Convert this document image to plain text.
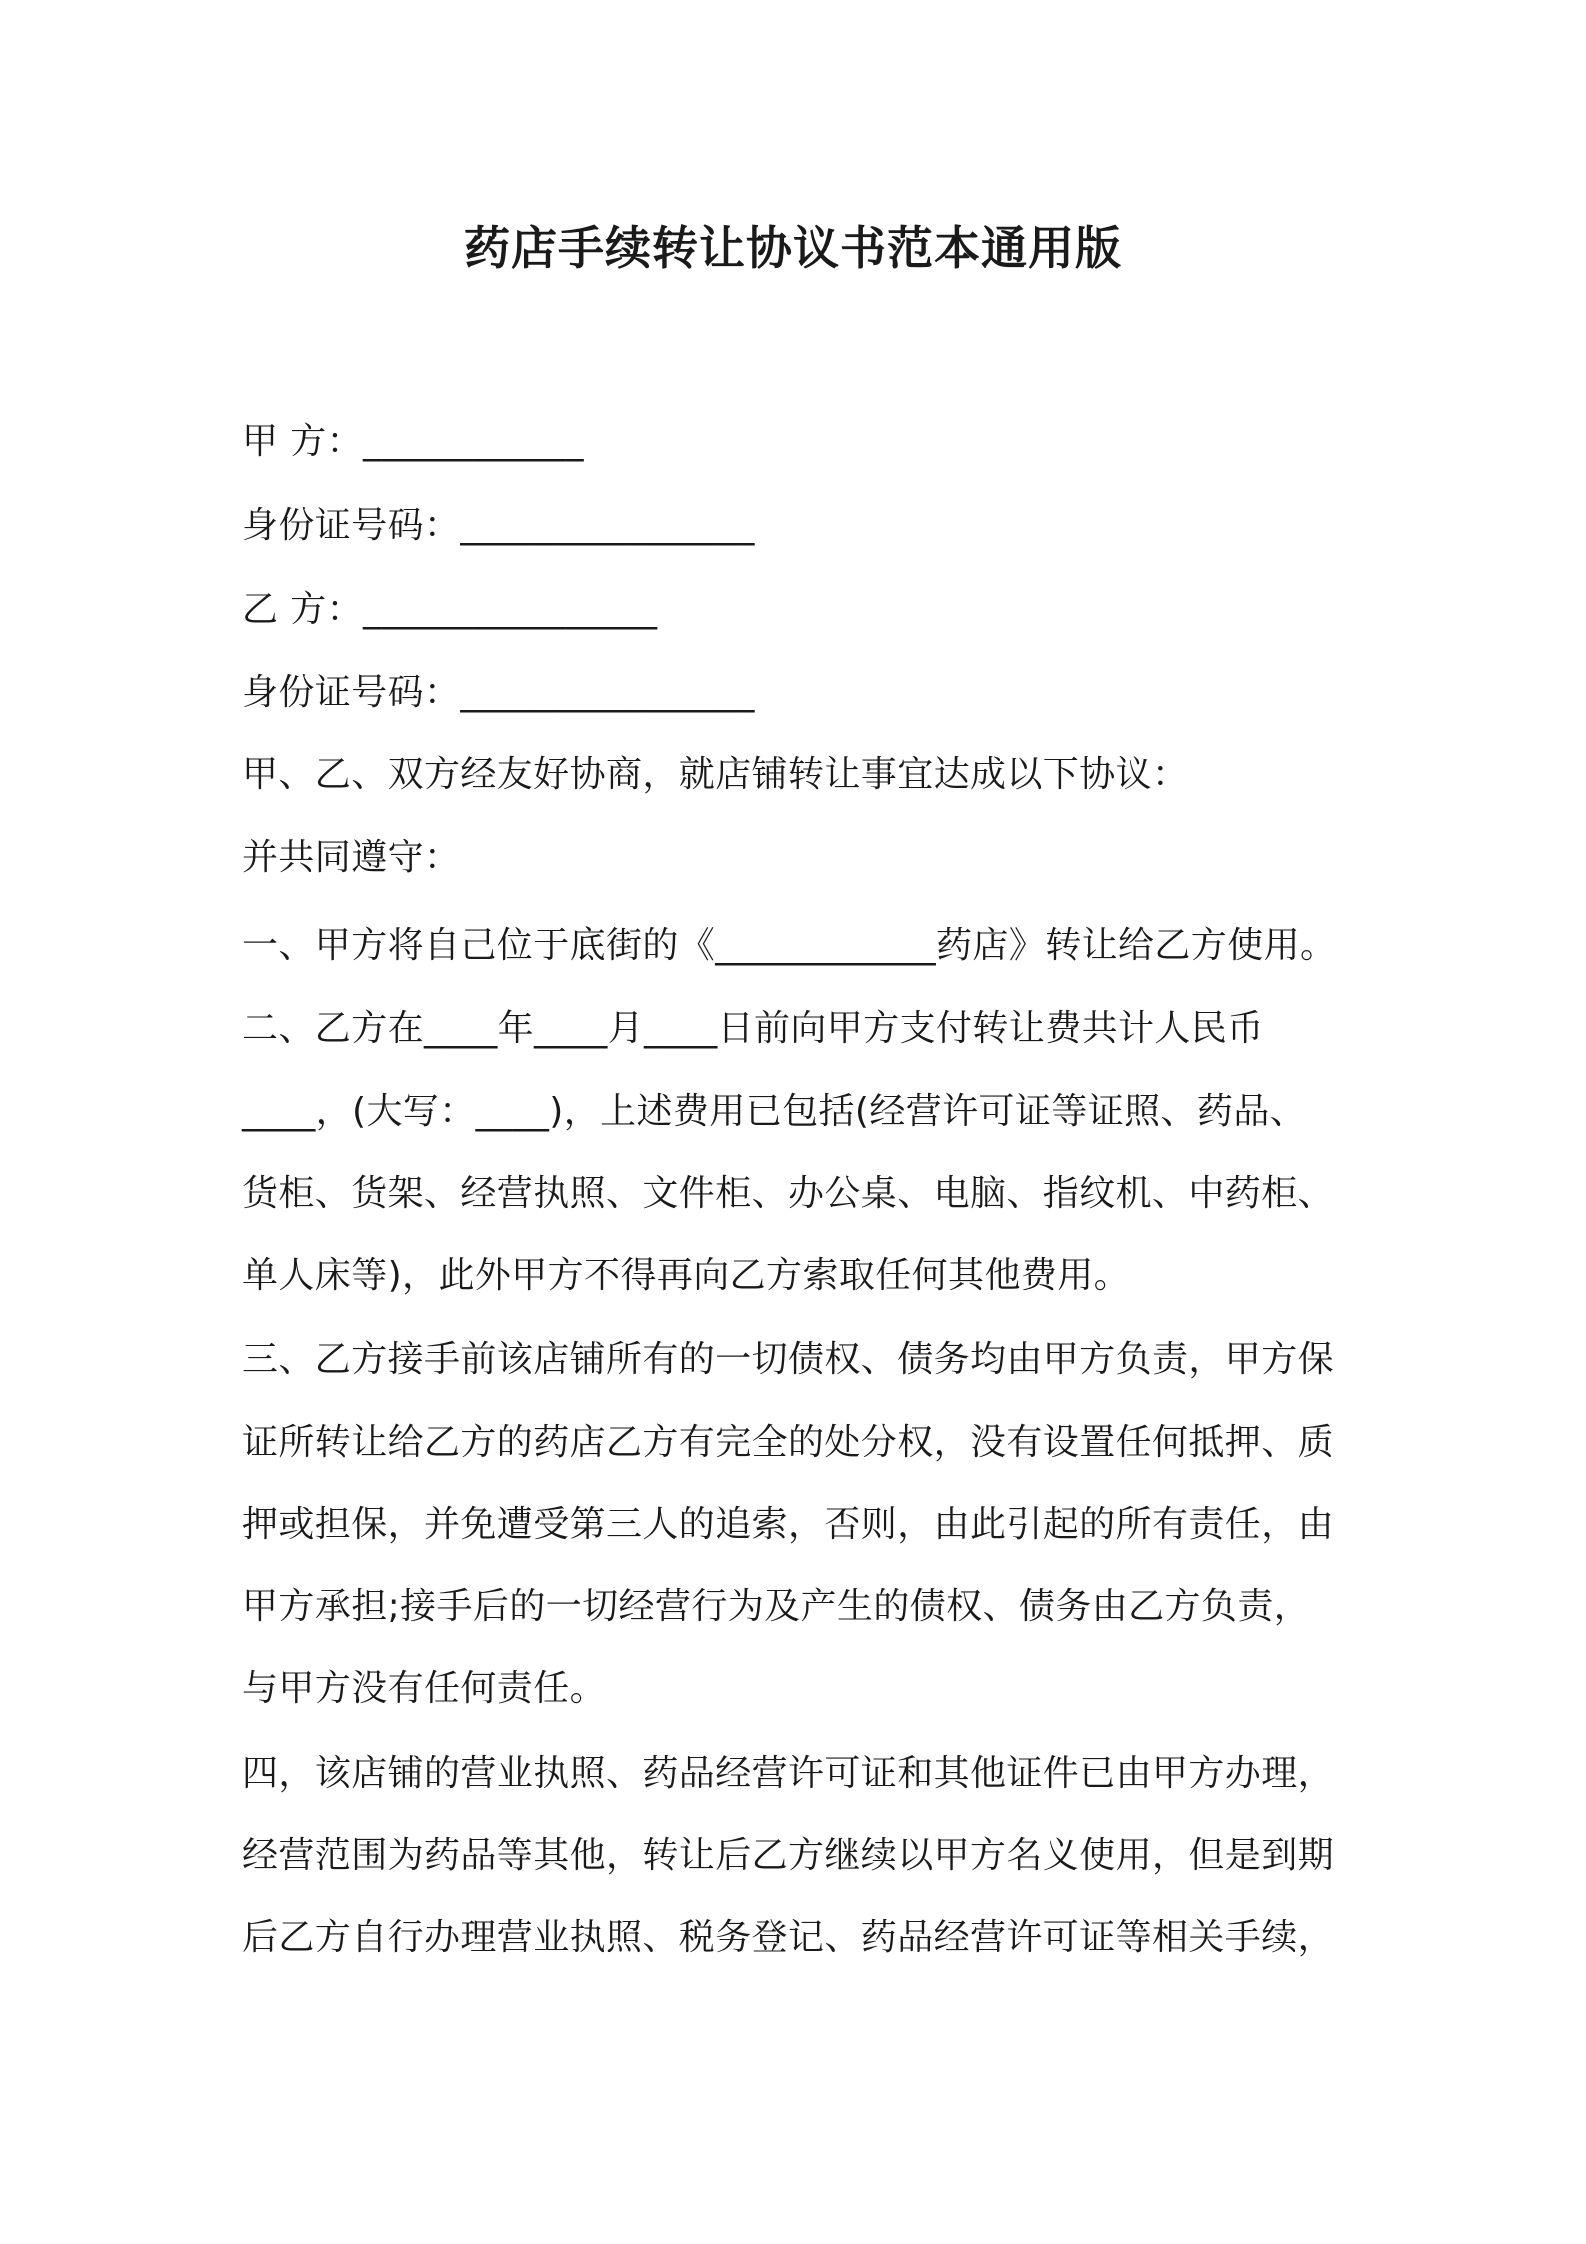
药店手续转让协议书范本通用版
甲 方：____________
身份证号码：________________
乙 方：________________
身份证号码：________________
甲、乙、双方经友好协商，就店铺转让事宜达成以下协议：
并共同遵守：
一、甲方将自己位于底街的《____________药店》转让给乙方使用。
二、乙方在____年____月____日前向甲方支付转让费共计人民币
____，(大写：____)，上述费用已包括(经营许可证等证照、药品、
货柜、货架、经营执照、文件柜、办公桌、电脑、指纹机、中药柜、
单人床等)，此外甲方不得再向乙方索取任何其他费用。
三、乙方接手前该店铺所有的一切债权、债务均由甲方负责，甲方保
证所转让给乙方的药店乙方有完全的处分权，没有设置任何抵押、质
押或担保，并免遭受第三人的追索，否则，由此引起的所有责任，由
甲方承担;接手后的一切经营行为及产生的债权、债务由乙方负责，
与甲方没有任何责任。
四，该店铺的营业执照、药品经营许可证和其他证件已由甲方办理，
经营范围为药品等其他，转让后乙方继续以甲方名义使用，但是到期
后乙方自行办理营业执照、税务登记、药品经营许可证等相关手续，
